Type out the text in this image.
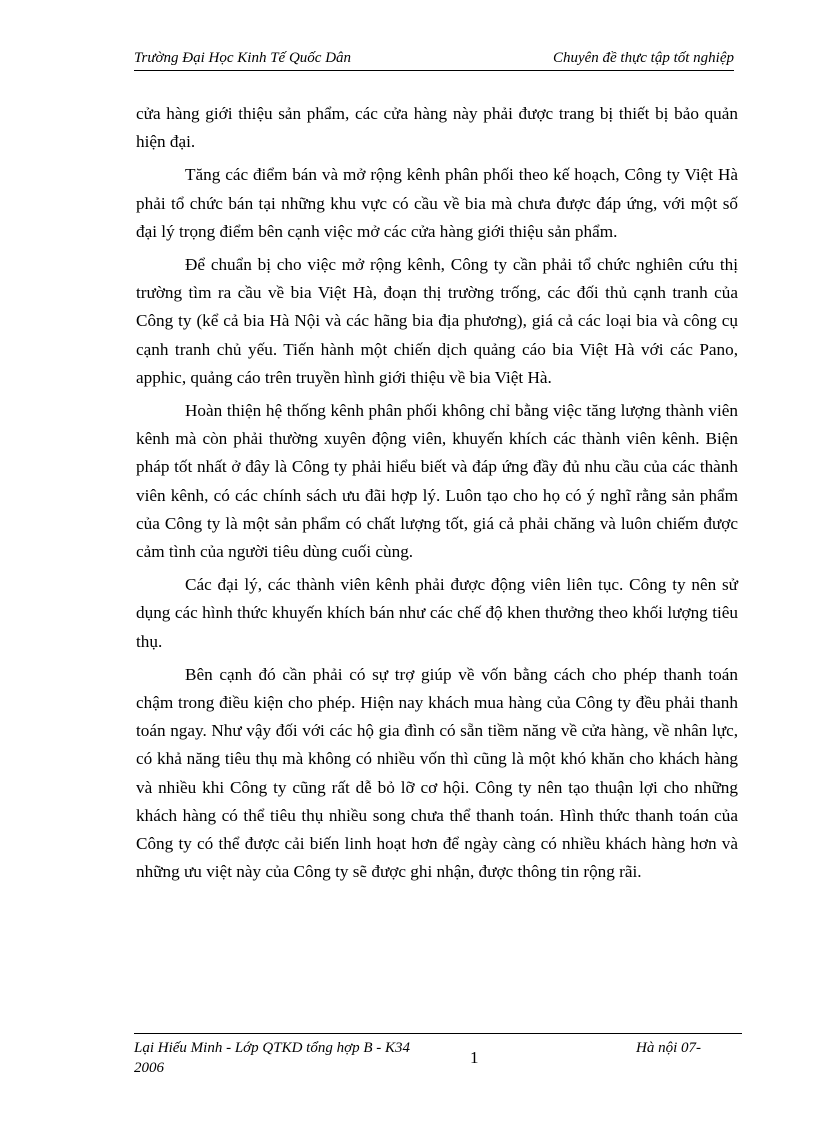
Trường Đại Học Kinh Tế Quốc Dân	Chuyên đề thực tập tốt nghiệp

cửa hàng giới thiệu sản phẩm, các cửa hàng này phải được trang bị thiết bị bảo quản hiện đại.

Tăng các điểm bán và mở rộng kênh phân phối theo kế hoạch, Công ty Việt Hà phải tổ chức bán tại những khu vực có cầu về bia mà chưa được đáp ứng, với một số đại lý trọng điểm bên cạnh việc mở các cửa hàng giới thiệu sản phẩm.

Để chuẩn bị cho việc mở rộng kênh, Công ty cần phải tổ chức nghiên cứu thị trường tìm ra cầu về bia Việt Hà, đoạn thị trường trống, các đối thủ cạnh tranh của Công ty (kể cả bia Hà Nội và các hãng bia địa phương), giá cả các loại bia và công cụ cạnh tranh chủ yếu. Tiến hành một chiến dịch quảng cáo bia Việt Hà với các Pano, apphic, quảng cáo trên truyền hình giới thiệu về bia Việt Hà.

Hoàn thiện hệ thống kênh phân phối không chỉ bằng việc tăng lượng thành viên kênh mà còn phải thường xuyên động viên, khuyến khích các thành viên kênh. Biện pháp tốt nhất ở đây là Công ty phải hiểu biết và đáp ứng đầy đủ nhu cầu của các thành viên kênh, có các chính sách ưu đãi hợp lý. Luôn tạo cho họ có ý nghĩ rằng sản phẩm của Công ty là một sản phẩm có chất lượng tốt, giá cả phải chăng và luôn chiếm được cảm tình của người tiêu dùng cuối cùng.

Các đại lý, các thành viên kênh phải được động viên liên tục. Công ty nên sử dụng các hình thức khuyến khích bán như các chế độ khen thưởng theo khối lượng tiêu thụ.

Bên cạnh đó cần phải có sự trợ giúp về vốn bằng cách cho phép thanh toán chậm trong điều kiện cho phép. Hiện nay khách mua hàng của Công ty đều phải thanh toán ngay. Như vậy đối với các hộ gia đình có sẵn tiềm năng về cửa hàng, về nhân lực, có khả năng tiêu thụ mà không có nhiều vốn thì cũng là một khó khăn cho khách hàng và nhiều khi Công ty cũng rất dễ bỏ lỡ cơ hội. Công ty nên tạo thuận lợi cho những khách hàng có thể tiêu thụ nhiều song chưa thể thanh toán. Hình thức thanh toán của Công ty có thể được cải biến linh hoạt hơn để ngày càng có nhiều khách hàng hơn và những ưu việt này của Công ty sẽ được ghi nhận, được thông tin rộng rãi.

Lại Hiếu Minh - Lớp QTKD tổng hợp B - K34
2006
1	Hà nội 07-
